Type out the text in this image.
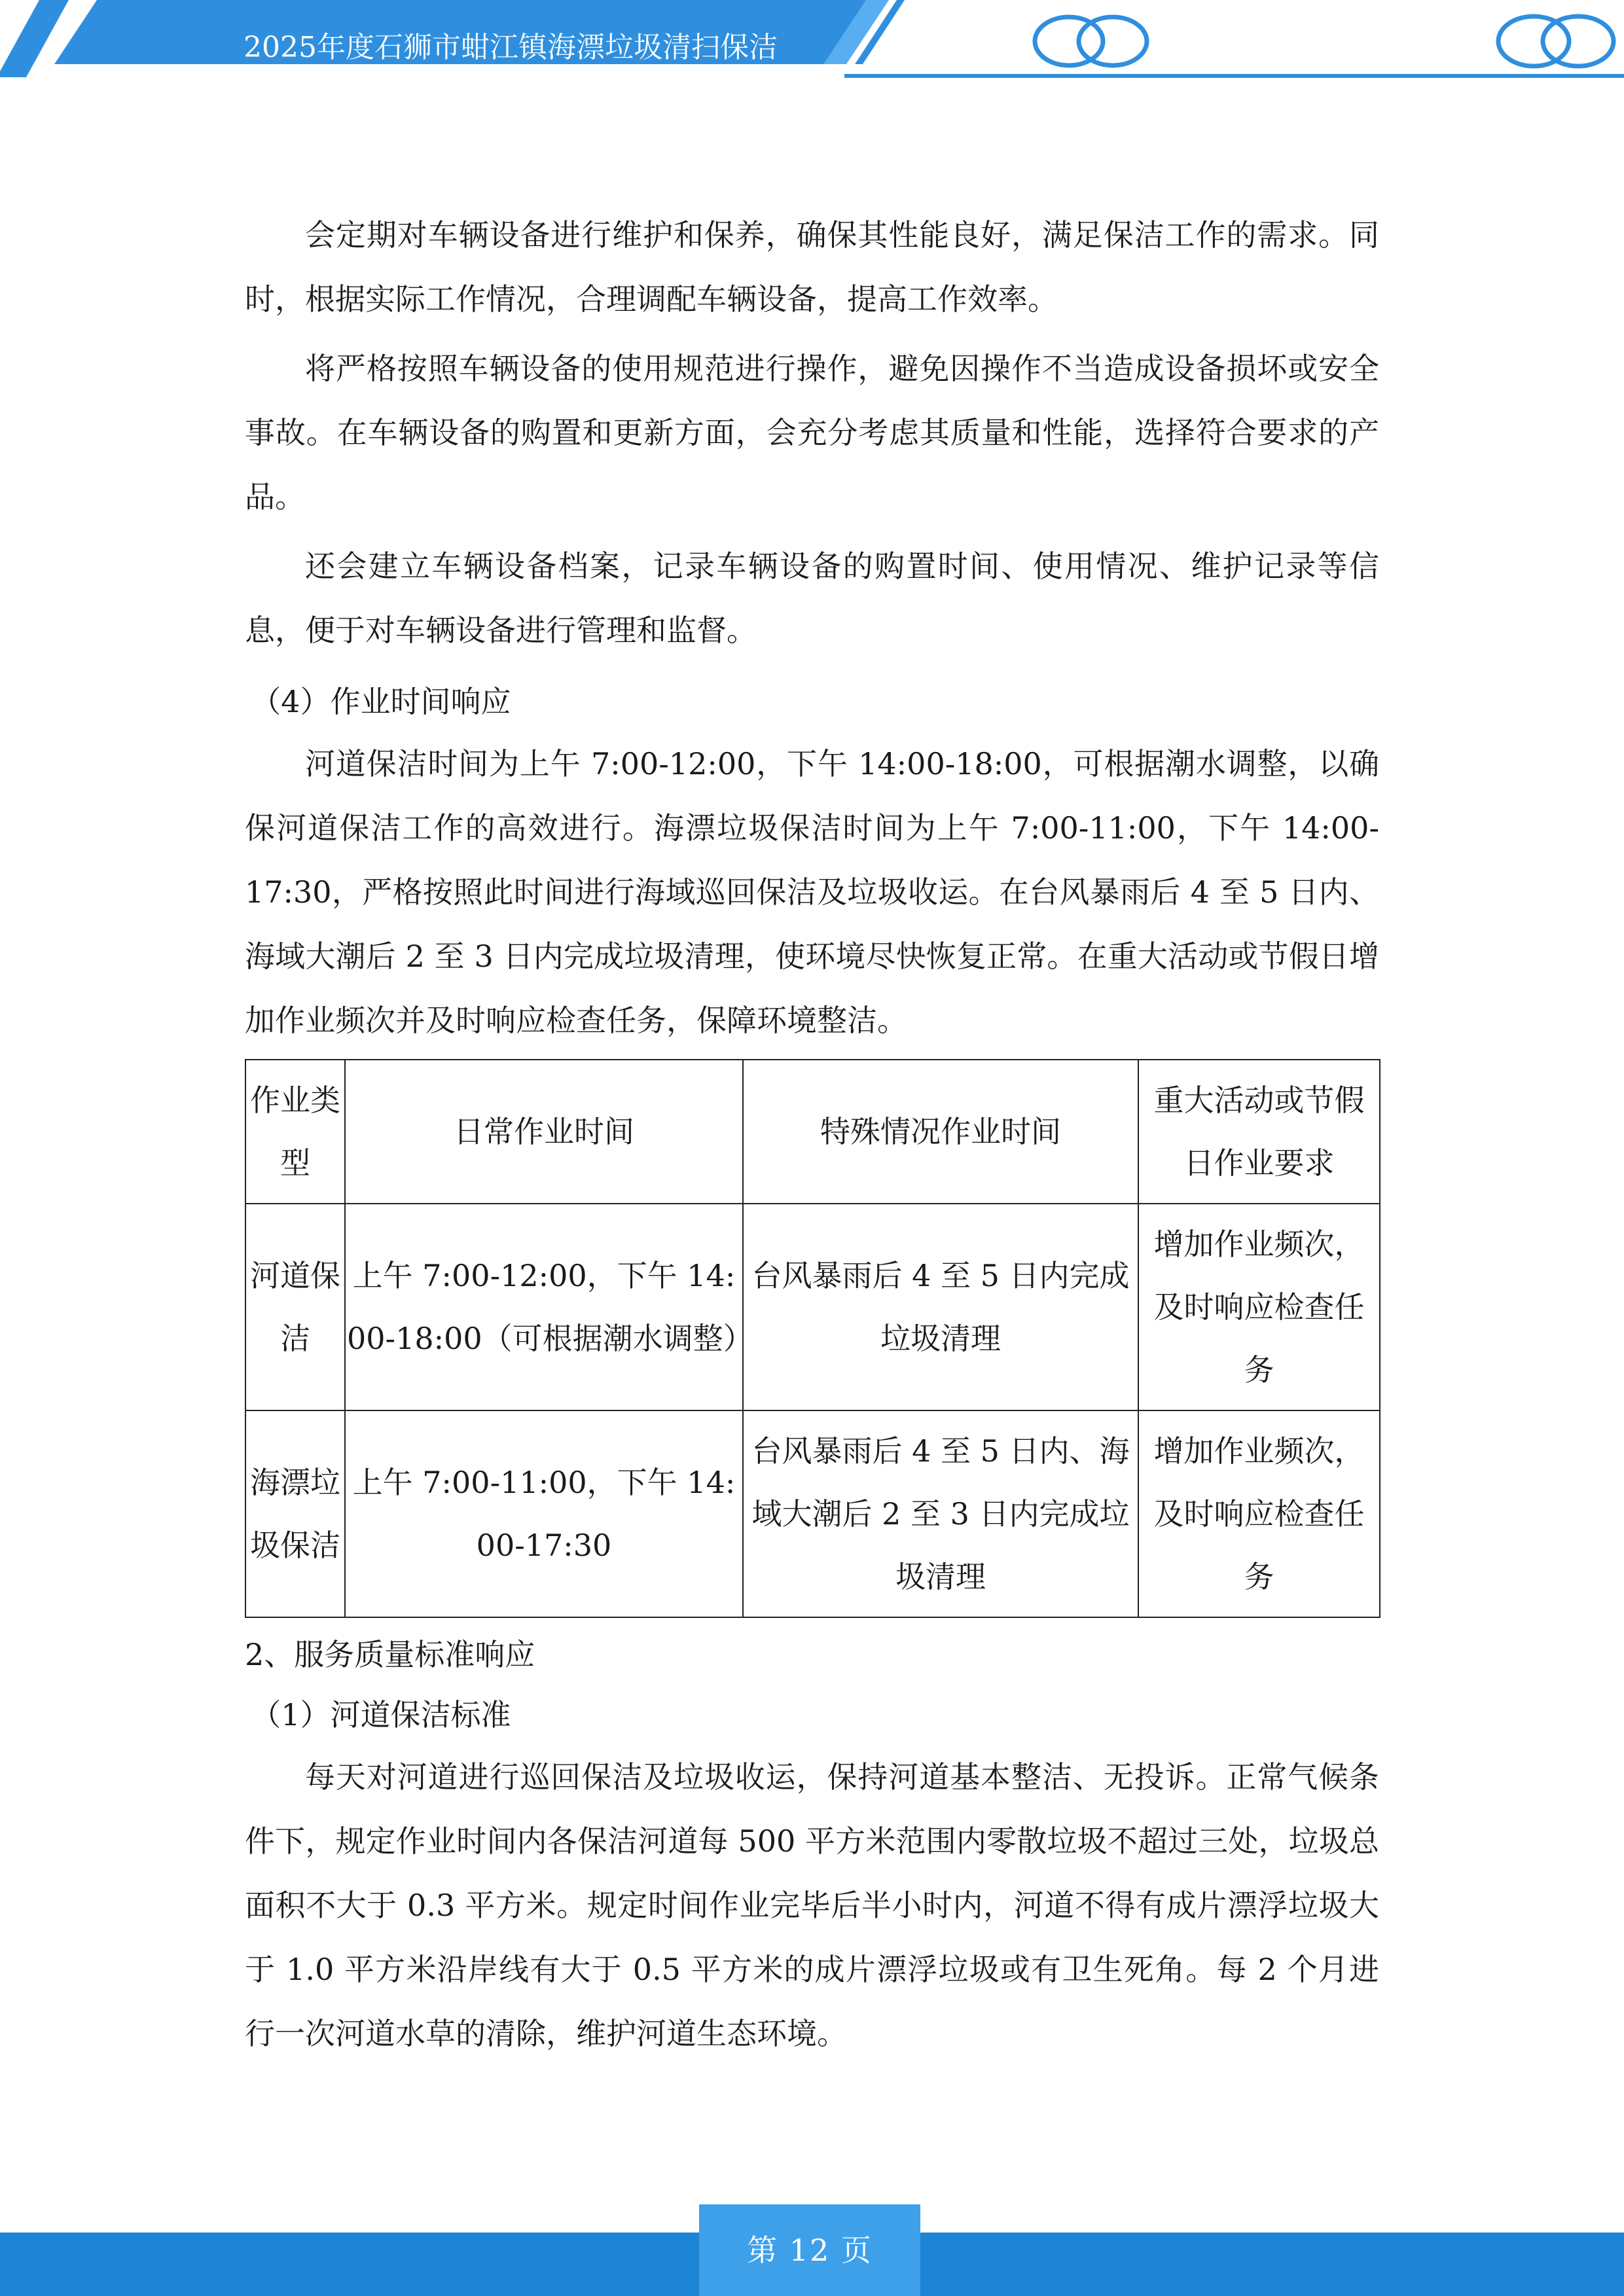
2025年度石狮市蚶江镇海漂垃圾清扫保洁

会定期对车辆设备进行维护和保养，确保其性能良好，满足保洁工作的需求。同时，根据实际工作情况，合理调配车辆设备，提高工作效率。

将严格按照车辆设备的使用规范进行操作，避免因操作不当造成设备损坏或安全事故。在车辆设备的购置和更新方面，会充分考虑其质量和性能，选择符合要求的产品。

还会建立车辆设备档案，记录车辆设备的购置时间、使用情况、维护记录等信息，便于对车辆设备进行管理和监督。

（4）作业时间响应

河道保洁时间为上午 7:00-12:00，下午 14:00-18:00，可根据潮水调整，以确保河道保洁工作的高效进行。海漂垃圾保洁时间为上午 7:00-11:00，下午 14:00-17:30，严格按照此时间进行海域巡回保洁及垃圾收运。在台风暴雨后 4 至 5 日内、海域大潮后 2 至 3 日内完成垃圾清理，使环境尽快恢复正常。在重大活动或节假日增加作业频次并及时响应检查任务，保障环境整洁。

作业类型	日常作业时间	特殊情况作业时间	重大活动或节假日作业要求
河道保洁	上午 7:00-12:00，下午 14:00-18:00（可根据潮水调整）	台风暴雨后 4 至 5 日内完成垃圾清理	增加作业频次，及时响应检查任务
海漂垃圾保洁	上午 7:00-11:00，下午 14:00-17:30	台风暴雨后 4 至 5 日内、海域大潮后 2 至 3 日内完成垃圾清理	增加作业频次，及时响应检查任务

2、服务质量标准响应

（1）河道保洁标准

每天对河道进行巡回保洁及垃圾收运，保持河道基本整洁、无投诉。正常气候条件下，规定作业时间内各保洁河道每 500 平方米范围内零散垃圾不超过三处，垃圾总面积不大于 0.3 平方米。规定时间作业完毕后半小时内，河道不得有成片漂浮垃圾大于 1.0 平方米沿岸线有大于 0.5 平方米的成片漂浮垃圾或有卫生死角。每 2 个月进行一次河道水草的清除，维护河道生态环境。

第 12 页
